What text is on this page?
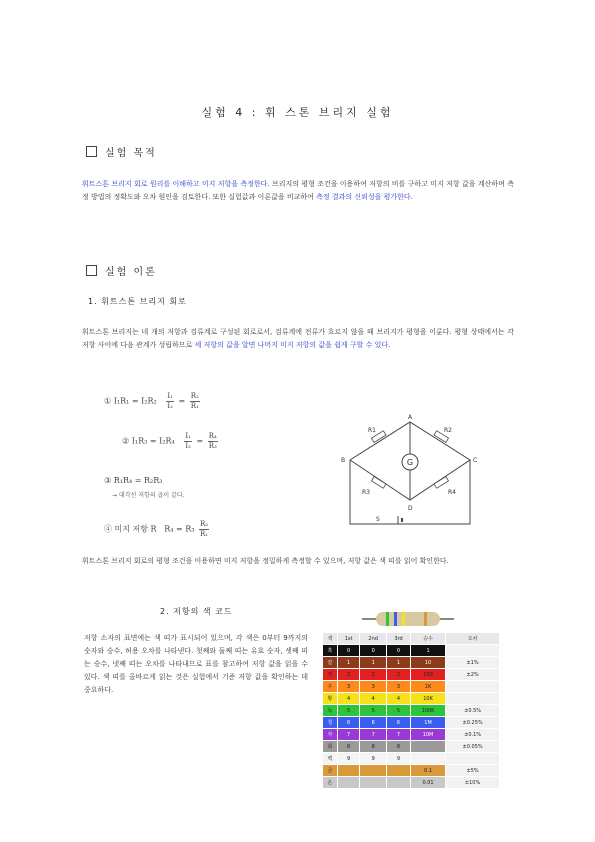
실험 4 : 휘 스톤 브리지 실험
실험 목적
휘트스톤 브리지 회로 원리를 이해하고 미지 저항을 측정한다. 브리지의 평형 조건을 이용하여 저항의 비를 구하고 미지 저항 값을 계산하며 측정 방법의 정확도와 오차 원인을 검토한다. 또한 실험값과 이론값을 비교하여 측정 결과의 신뢰성을 평가한다.
실험 이론
1. 휘트스톤 브리지 회로
휘트스톤 브리지는 네 개의 저항과 검류계로 구성된 회로로서, 검류계에 전류가 흐르지 않을 때 브리지가 평형을 이룬다. 평형 상태에서는 각 저항 사이에 다음 관계가 성립하므로 세 저항의 값을 알면 나머지 미지 저항의 값을 쉽게 구할 수 있다.
① $I_1R_1 = I_2R_2 \frac{\text{I₁}}{\text{I₂}} = \frac{\text{R₂}}{\text{R₁}}$
② $I_1R_3 = I_2R_4 \frac{\text{I₁}}{\text{I₂}} = \frac{\text{R₄}}{\text{R₃}}$
③ R₁R₄ = R₂R₃
→ 대각선 저항의 곱이 같다.
④ 미지 저항 R   $R_4 = R_3 \frac{\text{R₂}}{\text{R₁}}$
G
A
B	C
D
R1	R2
R3	R4
S
휘트스톤 브리지 회로의 평형 조건을 이용하면 미지 저항을 정밀하게 측정할 수 있으며, 저항 값은 색 띠를 읽어 확인한다.
2. 저항의 색 코드
저항 소자의 표면에는 색 띠가 표시되어 있으며, 각 색은 0부터 9까지의 숫자와 승수, 허용 오차를 나타낸다. 첫째와 둘째 띠는 유효 숫자, 셋째 띠는 승수, 넷째 띠는 오차를 나타내므로 표를 참고하여 저항 값을 읽을 수 있다. 색 띠를 올바르게 읽는 것은 실험에서 기준 저항 값을 확인하는 데 중요하다.
색	1st	2nd	3rd	승수	오차
흑	0	0	0	1	
갈	1	1	1	10	±1%
적	2	2	2	100	±2%
주	3	3	3	1K	
황	4	4	4	10K	
녹	5	5	5	100K	±0.5%
청	6	6	6	1M	±0.25%
자	7	7	7	10M	±0.1%
회	8	8	8		±0.05%
백	9	9	9		
금				0.1	±5%
은				0.01	±10%
